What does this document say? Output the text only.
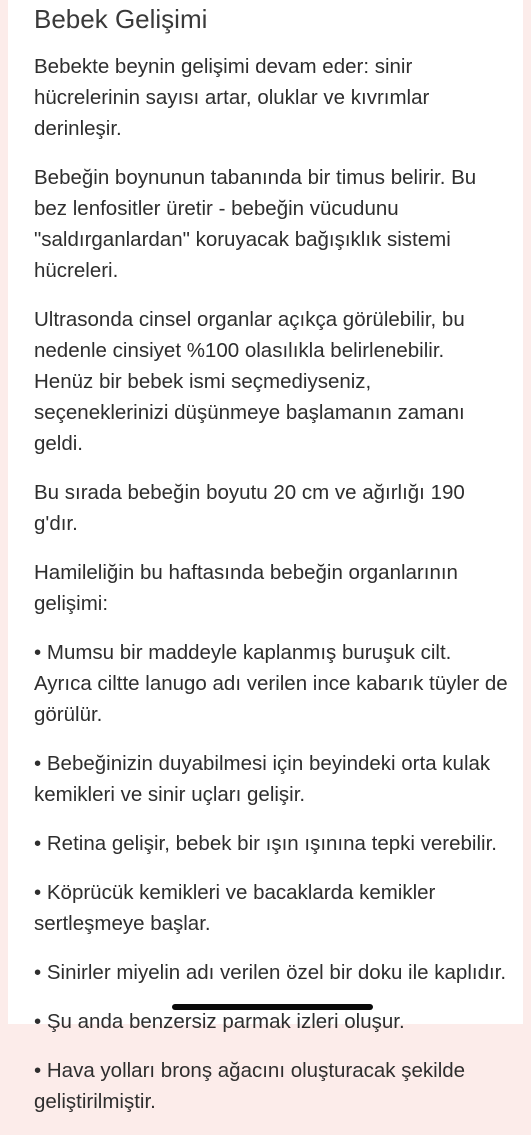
Bebek Gelişimi

Bebekte beynin gelişimi devam eder: sinir hücrelerinin sayısı artar, oluklar ve kıvrımlar derinleşir.

Bebeğin boynunun tabanında bir timus belirir. Bu bez lenfositler üretir - bebeğin vücudunu "saldırganlardan" koruyacak bağışıklık sistemi hücreleri.

Ultrasonda cinsel organlar açıkça görülebilir, bu nedenle cinsiyet %100 olasılıkla belirlenebilir. Henüz bir bebek ismi seçmediyseniz, seçeneklerinizi düşünmeye başlamanın zamanı geldi.

Bu sırada bebeğin boyutu 20 cm ve ağırlığı 190 g'dır.

Hamileliğin bu haftasında bebeğin organlarının gelişimi:

• Mumsu bir maddeyle kaplanmış buruşuk cilt. Ayrıca ciltte lanugo adı verilen ince kabarık tüyler de görülür.

• Bebeğinizin duyabilmesi için beyindeki orta kulak kemikleri ve sinir uçları gelişir.

• Retina gelişir, bebek bir ışın ışınına tepki verebilir.

• Köprücük kemikleri ve bacaklarda kemikler sertleşmeye başlar.

• Sinirler miyelin adı verilen özel bir doku ile kaplıdır.

• Şu anda benzersiz parmak izleri oluşur.

• Hava yolları bronş ağacını oluşturacak şekilde geliştirilmiştir.
